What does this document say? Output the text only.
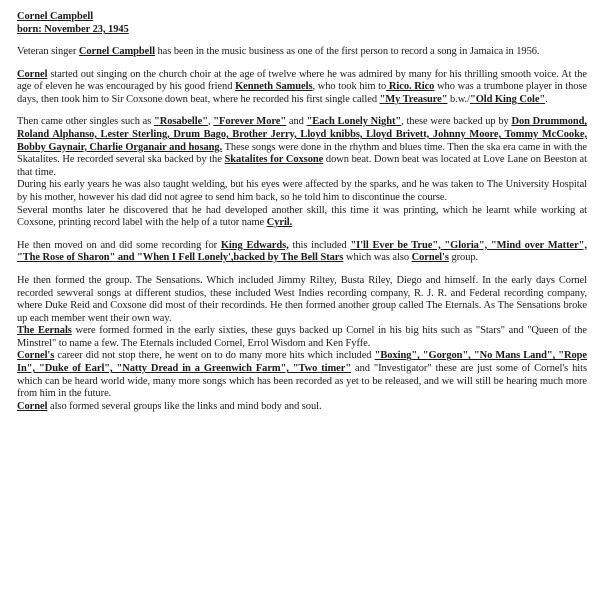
Cornel Campbell
born: November 23, 1945

Veteran singer Cornel Campbell has been in the music business as one of the first person to record a song in Jamaica in 1956.

Cornel started out singing on the church choir at the age of twelve where he was admired by many for his thrilling smooth voice. At the age of eleven he was encouraged by his good friend Kenneth Samuels, who took him to Rico. Rico who was a trumbone player in those days, then took him to Sir Coxsone down beat, where he recorded his first single called "My Treasure" b.w./"Old King Cole".

Then came other singles such as "Rosabelle", "Forever More" and "Each Lonely Night", these were backed up by Don Drummond, Roland Alphanso, Lester Sterling, Drum Bago, Brother Jerry, Lloyd knibbs, Lloyd Brivett, Johnny Moore, Tommy McCooke, Bobby Gaynair, Charlie Organair and hosang. These songs were done in the rhythm and blues time. Then the ska era came in with the Skatalites. He recorded several ska backed by the Skatalites for Coxsone down beat. Down beat was located at Love Lane on Beeston at that time.

During his early years he was also taught welding, but his eyes were affected by the sparks, and he was taken to The University Hospital by his mother, however his dad did not agree to send him back, so he told him to discontinue the course.

Several months later he discovered that he had developed another skill, this time it was printing, which he learnt while working at Coxsone, printing record label with the help of a tutor name Cyril.

He then moved on and did some recording for King Edwards, this included "I'll Ever be True", "Gloria", "Mind over Matter", "The Rose of Sharon" and "When I Fell Lonely',backed by The Bell Stars which was also Cornel's group.

He then formed the group. The Sensations. Which included Jimmy Riltey, Busta Riley, Diego and himself. In the early days Cornel recorded sewveral songs at different studios, these included West Indies recording company, R. J. R. and Federal recording company, where Duke Reid and Coxsone did most of their recordinds. He then formed another group called The Eternals. As The Sensations broke up each member went their own way.

The Eernals were formed formed in the early sixties, these guys backed up Cornel in his big hits such as "Stars" and "Queen of the Minstrel" to name a few. The Eternals included Cornel, Errol Wisdom and Ken Fyffe.

Cornel's career did not stop there, he went on to do many more hits which included "Boxing", "Gorgon", "No Mans Land", "Rope In", "Duke of Earl", "Natty Dread in a Greenwich Farm", "Two timer" and "Investigator" these are just some of Cornel's hits which can be heard world wide, many more songs which has been recorded as yet to be released, and we will still be hearing much more from him in the future.

Cornel also formed several groups like the links and mind body and soul.
